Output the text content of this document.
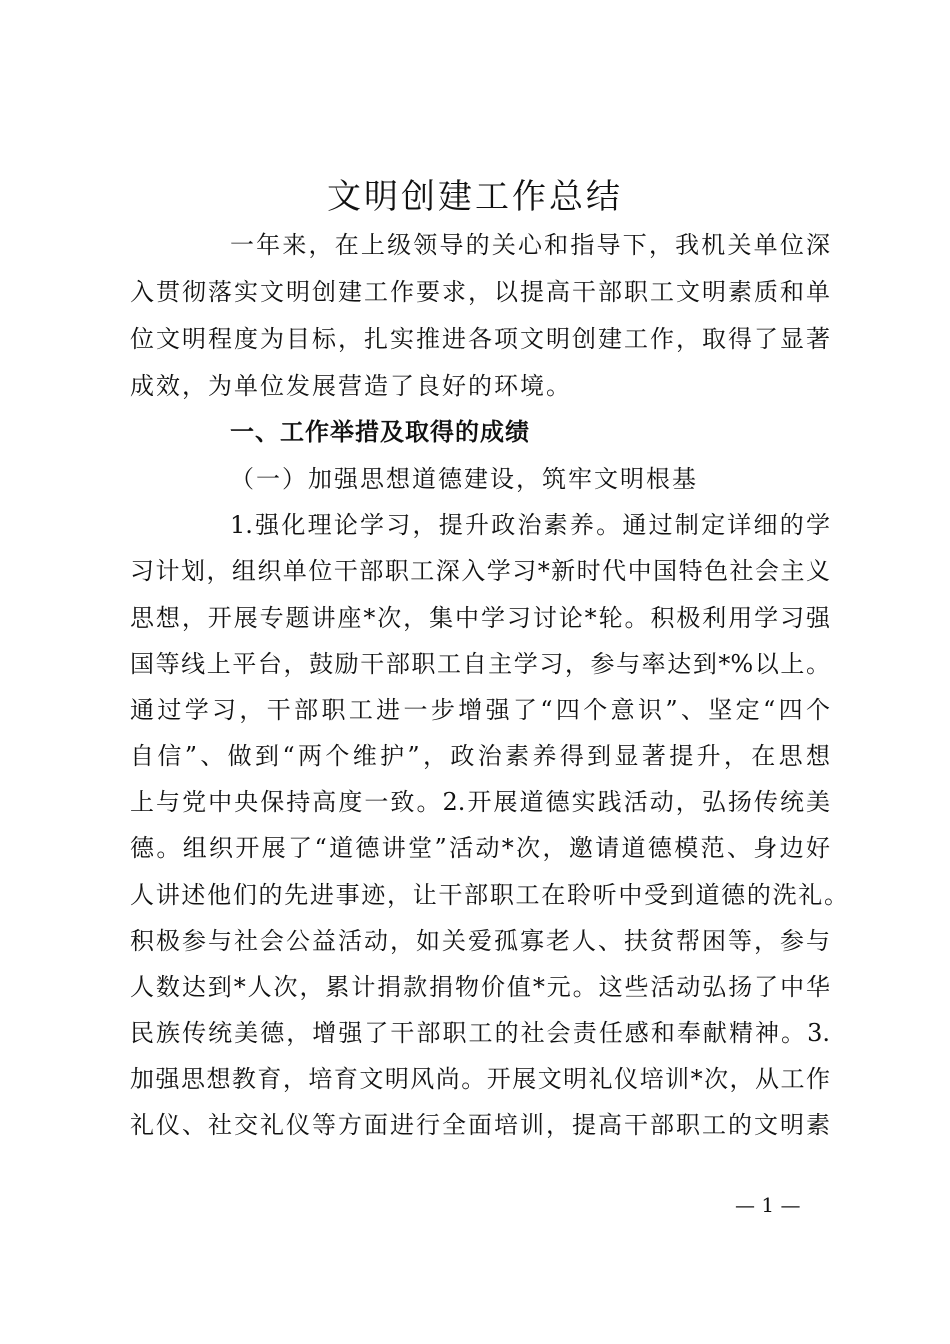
文明创建工作总结
一年来，在上级领导的关心和指导下，我机关单位深
入贯彻落实文明创建工作要求，以提高干部职工文明素质和单
位文明程度为目标，扎实推进各项文明创建工作，取得了显著
成效，为单位发展营造了良好的环境。
一、工作举措及取得的成绩
（一）加强思想道德建设，筑牢文明根基
1.强化理论学习，提升政治素养。通过制定详细的学
习计划，组织单位干部职工深入学习*新时代中国特色社会主义
思想，开展专题讲座*次，集中学习讨论*轮。积极利用学习强
国等线上平台，鼓励干部职工自主学习，参与率达到*%以上。
通过学习，干部职工进一步增强了“四个意识”、坚定“四个
自信”、做到“两个维护”，政治素养得到显著提升，在思想
上与党中央保持高度一致。2.开展道德实践活动，弘扬传统美
德。组织开展了“道德讲堂”活动*次，邀请道德模范、身边好
人讲述他们的先进事迹，让干部职工在聆听中受到道德的洗礼。
积极参与社会公益活动，如关爱孤寡老人、扶贫帮困等，参与
人数达到*人次，累计捐款捐物价值*元。这些活动弘扬了中华
民族传统美德，增强了干部职工的社会责任感和奉献精神。3.
加强思想教育，培育文明风尚。开展文明礼仪培训*次，从工作
礼仪、社交礼仪等方面进行全面培训，提高干部职工的文明素
— 1 —
